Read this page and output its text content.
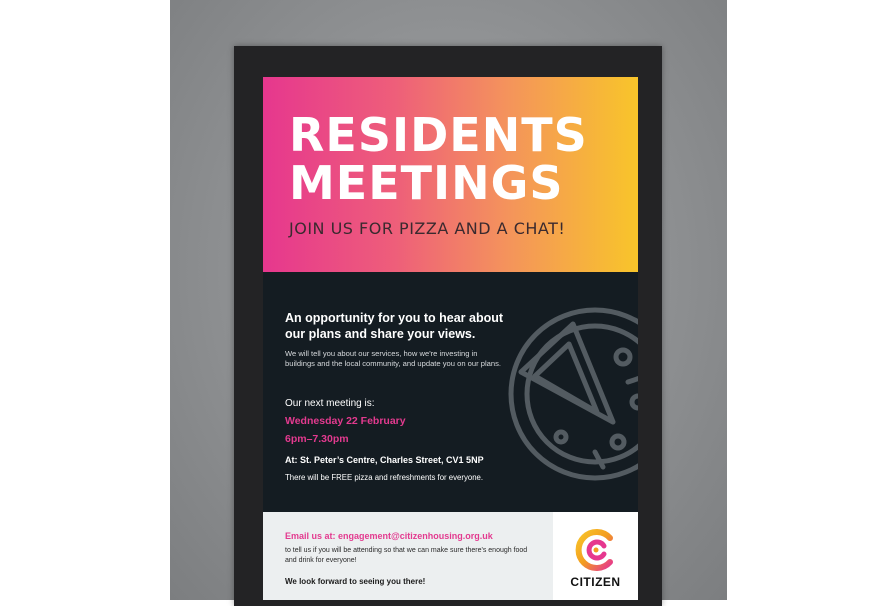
RESIDENTS
MEETINGS
JOIN US FOR PIZZA AND A CHAT!
An opportunity for you to hear about
our plans and share your views.
We will tell you about our services, how we're investing in buildings and the local community, and update you on our plans.
Our next meeting is:
Wednesday 22 February
6pm–7.30pm
At: St. Peter’s Centre, Charles Street, CV1 5NP
There will be FREE pizza and refreshments for everyone.
Email us at: engagement@citizenhousing.org.uk
to tell us if you will be attending so that we can make sure there's enough food and drink for everyone!
We look forward to seeing you there!	CITIZEN
